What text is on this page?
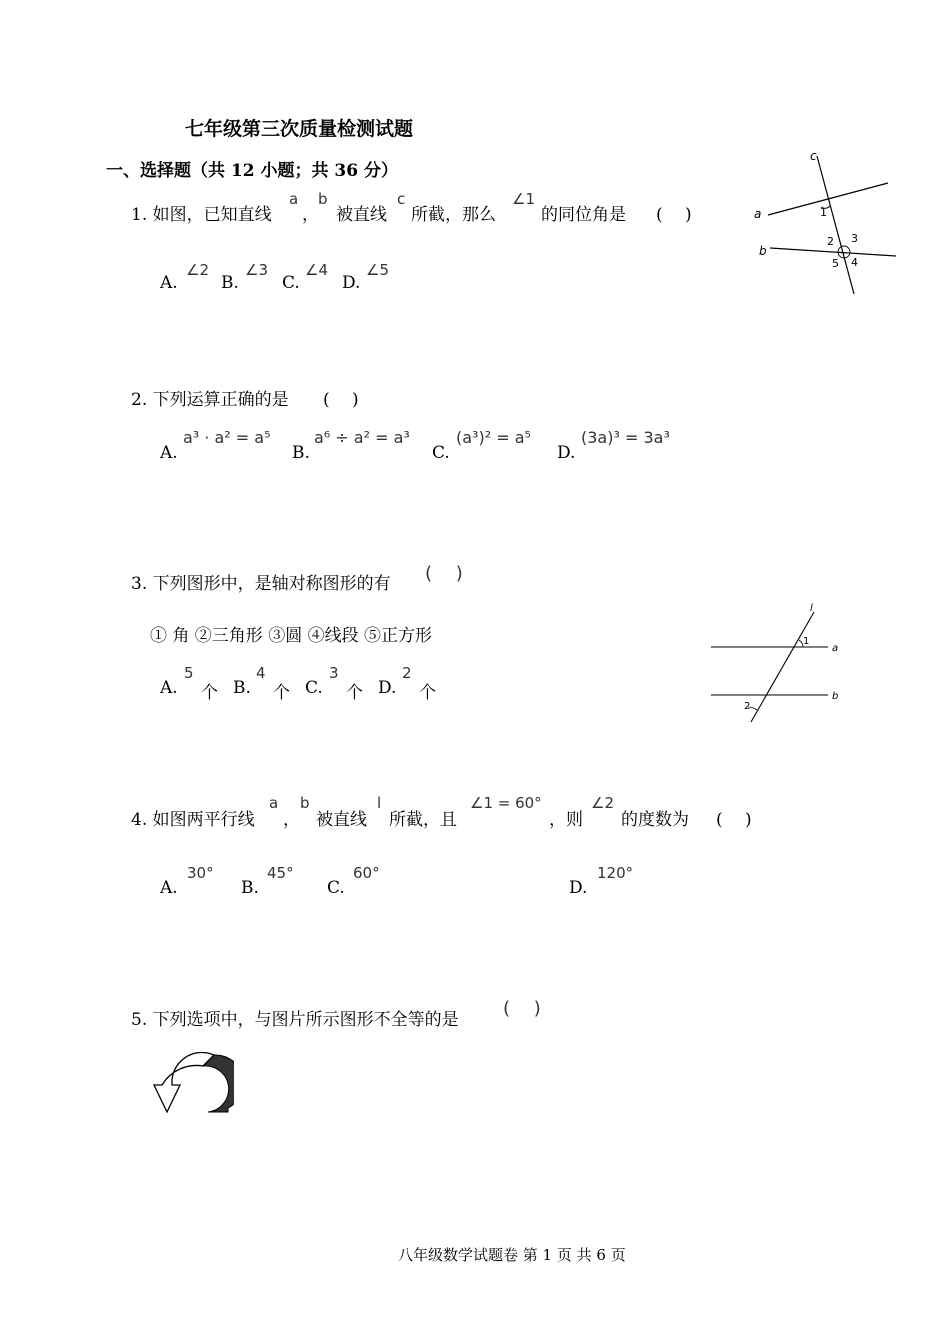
七年级第三次质量检测试题
一、选择题（共 12 小题；共 36 分）
1. 如图，已知直线
a
，
b
被直线
c
所截，那么
∠1
的同位角是 (　 )
A.
∠2
B.
∠3
C.
∠4
D.
∠5
c
a
b
1
2 3
4
5
2. 下列运算正确的是 (　 )
A.
a³ · a² = a⁵
B.
a⁶ ÷ a² = a³
C.
(a³)² = a⁵
D.
(3a)³ = 3a³
3. 下列图形中，是轴对称图形的有 (　 )
① 角 ②三角形 ③圆 ④线段 ⑤正方形
A.
5
个 B.
4
个 C.
3
个 D.
2
个
l
1
a
b
2
4. 如图两平行线
a
，
b
被直线
l
所截，且
∠1 = 60°
，则
∠2
的度数为 (　 )
A.
30°
B.
45°
C.
60°
D.
120°
5. 下列选项中，与图片所示图形不全等的是
(　 )
八年级数学试题卷 第 1 页 共 6 页
